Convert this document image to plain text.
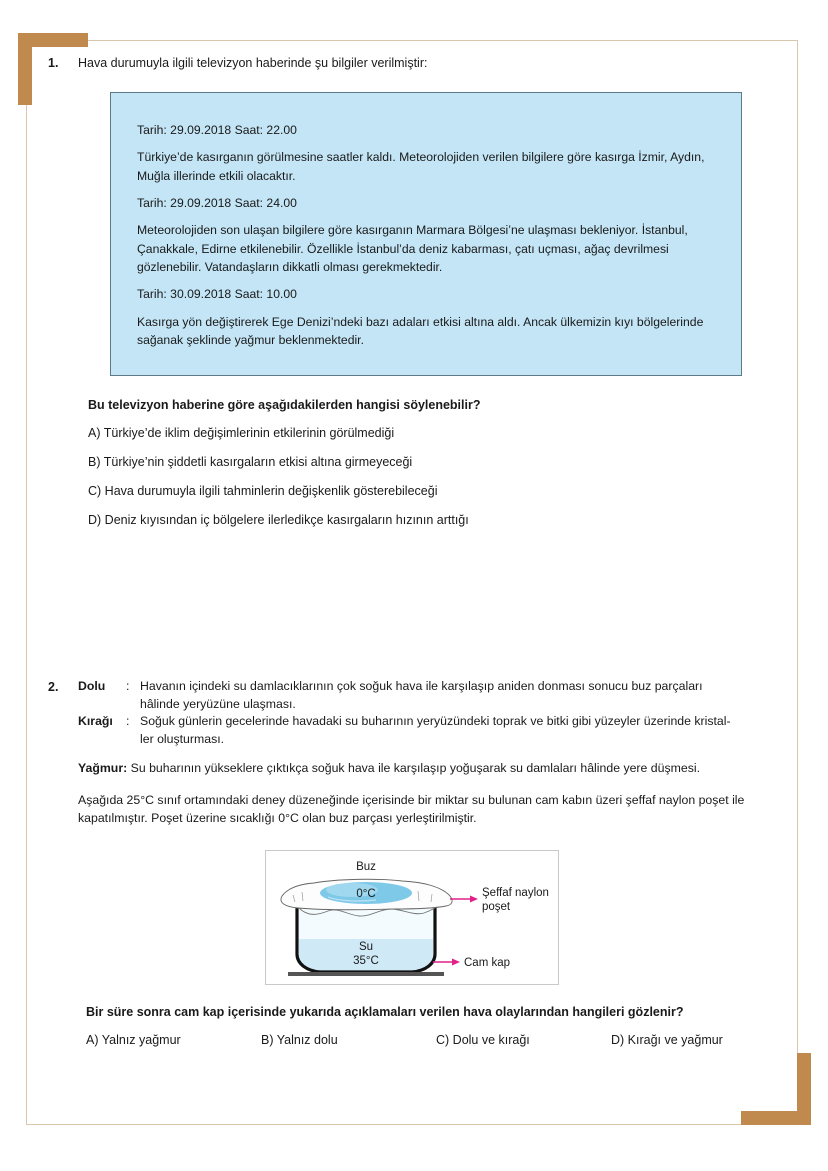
1.	Hava durumuyla ilgili televizyon haberinde şu bilgiler verilmiştir:
Tarih: 29.09.2018 Saat: 22.00
Türkiye’de kasırganın görülmesine saatler kaldı. Meteorolojiden verilen bilgilere göre kasırga İzmir, Aydın, Muğla illerinde etkili olacaktır.
Tarih: 29.09.2018 Saat: 24.00
Meteorolojiden son ulaşan bilgilere göre kasırganın Marmara Bölgesi’ne ulaşması bekleniyor. İstanbul, Çanakkale, Edirne etkilenebilir. Özellikle İstanbul’da deniz kabarması, çatı uçması, ağaç devrilmesi gözlenebilir. Vatandaşların dikkatli olması gerekmektedir.
Tarih: 30.09.2018 Saat: 10.00
Kasırga yön değiştirerek Ege Denizi’ndeki bazı adaları etkisi altına aldı. Ancak ülkemizin kıyı bölgelerinde sağanak şeklinde yağmur beklenmektedir.
Bu televizyon haberine göre aşağıdakilerden hangisi söylenebilir?
A) Türkiye’de iklim değişimlerinin etkilerinin görülmediği
B) Türkiye’nin şiddetli kasırgaların etkisi altına girmeyeceği
C) Hava durumuyla ilgili tahminlerin değişkenlik gösterebileceği
D) Deniz kıyısından iç bölgelere ilerledikçe kasırgaların hızının arttığı
2.	Dolu	: Havanın içindeki su damlacıklarının çok soğuk hava ile karşılaşıp aniden donması sonucu buz parçaları
hâlinde yeryüzüne ulaşması.
Kırağı	: Soğuk günlerin gecelerinde havadaki su buharının yeryüzündeki toprak ve bitki gibi yüzeyler üzerinde kristal-
ler oluşturması.
Yağmur: Su buharının yükseklere çıktıkça soğuk hava ile karşılaşıp yoğuşarak su damlaları hâlinde yere düşmesi.
Aşağıda 25°C sınıf ortamındaki deney düzeneğinde içerisinde bir miktar su bulunan cam kabın üzeri şeffaf naylon poşet ile kapatılmıştır. Poşet üzerine sıcaklığı 0°C olan buz parçası yerleştirilmiştir.
Buz
0°C
Su
35°C
Şeffaf naylon
poşet
Cam kap
Bir süre sonra cam kap içerisinde yukarıda açıklamaları verilen hava olaylarından hangileri gözlenir?
A) Yalnız yağmur	B) Yalnız dolu	C) Dolu ve kırağı	D) Kırağı ve yağmur
